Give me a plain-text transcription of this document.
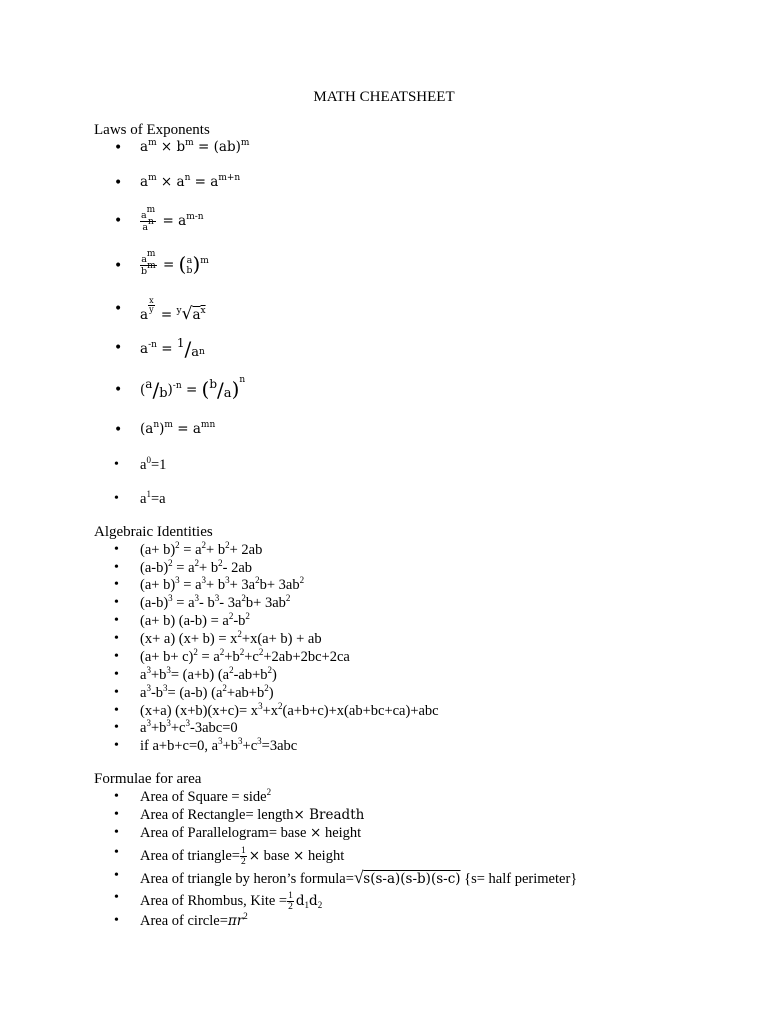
MATH CHEATSHEET
Laws of Exponents
• $a^m \times b^m = (ab)^m$
• $a^m \times a^n = a^{m+n}$
• $\frac{a^m}{a^n} = a^{m-n}$
• $\frac{a^m}{b^m}$ = ( a
b )$^m$
• a
$\frac{x}{y}$
= $^y√a^x$
• $a^{-n} = ^1/_a^n$
• $(^a/_b)^{-n} = (^b/_a)^n$
• $(a^n)^m = a^{mn}$
• $a^0=1$
• $a^1=a$
Algebraic Identities
• $(a+ b)^2 = a^2+ b^2+ 2ab$
• $(a-b)^2 = a^2+ b^2-$ 2ab
• $(a+ b)^3 = a^3+ b^3+ 3a^2b+ 3ab^2$
• $(a-b)^3 = a^3-$ $b^3-$ $3a^2b+ 3ab^2$
• (a+ b) $(a-b) = a^2-b^2$
• (x+ a) $(x+ b) = x^2+x(a+ b)$ + ab
• $(a+ b+ c)^2 = a^2+b^2+c^2+2ab+2bc+2ca$
• $a^3+b^3= (a+b)$ $(a^2-ab+b^2)$
• $a^3-b^3= (a-b)$ $(a^2+ab+b^2)$
• (x+a) $(x+b)(x+c)= x^3+x^2(a+b+c)+x(ab+bc+ca)+abc$
• $a^3+b^3+c^3-3abc=0$
• if a+b+c=0, $a^3+b^3+c^3=3abc$
Formulae for area
• Area of Square = side$^2$
• Area of Rectangle= length× Breadth
• Area of Parallelogram= base × height
• Area of triangle= $\frac{1}{2}$ × base × height
• Area of triangle by heron’s formula=√s(s-a)(s-b)(s-c) {s= half perimeter}
• Area of Rhombus, Kite = $\frac{1}{2} d_1d_2$
• Area of $circle=\pi r^2$
